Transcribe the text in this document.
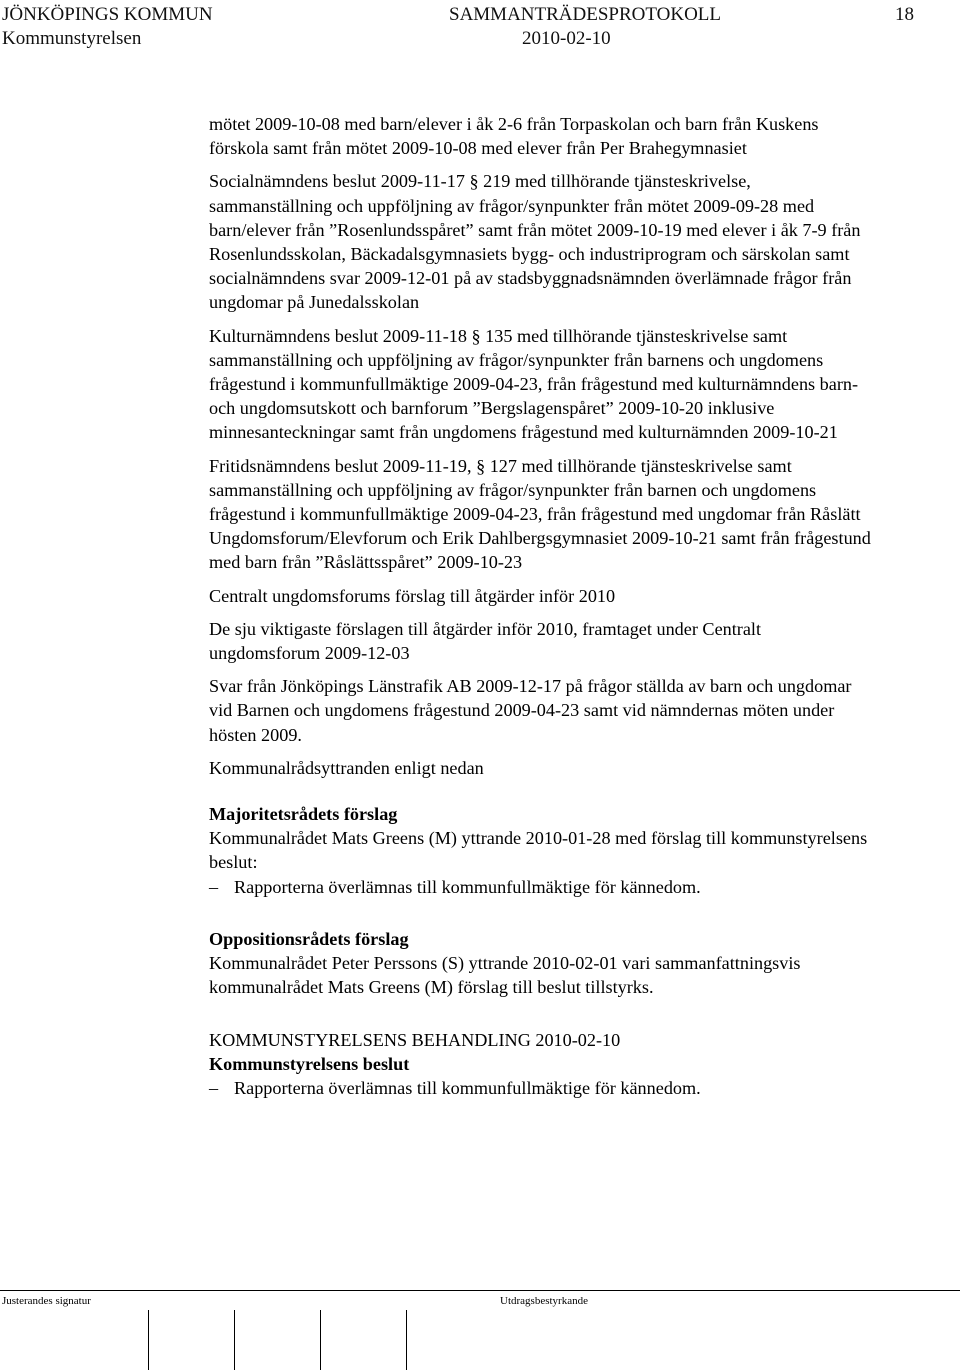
JÖNKÖPINGS KOMMUN	SAMMANTRÄDESPROTOKOLL	18
Kommunstyrelsen	2010-02-10

mötet 2009-10-08 med barn/elever i åk 2-6 från Torpaskolan och barn från Kuskens förskola samt från mötet 2009-10-08 med elever från Per Brahegymnasiet

Socialnämndens beslut 2009-11-17 § 219 med tillhörande tjänsteskrivelse, sammanställning och uppföljning av frågor/synpunkter från mötet 2009-09-28 med barn/elever från ”Rosenlundsspåret” samt från mötet 2009-10-19 med elever i åk 7-9 från Rosenlundsskolan, Bäckadalsgymnasiets bygg- och industriprogram och särskolan samt socialnämndens svar 2009-12-01 på av stadsbyggnadsnämnden överlämnade frågor från ungdomar på Junedalsskolan

Kulturnämndens beslut 2009-11-18 § 135 med tillhörande tjänsteskrivelse samt sammanställning och uppföljning av frågor/synpunkter från barnens och ungdomens frågestund i kommunfullmäktige 2009-04-23, från frågestund med kulturnämndens barn- och ungdomsutskott och barnforum ”Bergslagenspåret” 2009-10-20 inklusive minnesanteckningar samt från ungdomens frågestund med kulturnämnden 2009-10-21

Fritidsnämndens beslut 2009-11-19, § 127 med tillhörande tjänsteskrivelse samt sammanställning och uppföljning av frågor/synpunkter från barnen och ungdomens frågestund i kommunfullmäktige 2009-04-23, från frågestund med ungdomar från Råslätt Ungdomsforum/Elevforum och Erik Dahlbergsgymnasiet 2009-10-21 samt från frågestund med barn från ”Råslättsspåret” 2009-10-23

Centralt ungdomsforums förslag till åtgärder inför 2010

De sju viktigaste förslagen till åtgärder inför 2010, framtaget under Centralt ungdomsforum 2009-12-03

Svar från Jönköpings Länstrafik AB 2009-12-17 på frågor ställda av barn och ungdomar vid Barnen och ungdomens frågestund 2009-04-23 samt vid nämndernas möten under hösten 2009.

Kommunalrådsyttranden enligt nedan

Majoritetsrådets förslag

Kommunalrådet Mats Greens (M) yttrande 2010-01-28 med förslag till kommunstyrelsens beslut:

– Rapporterna överlämnas till kommunfullmäktige för kännedom.

Oppositionsrådets förslag

Kommunalrådet Peter Perssons (S) yttrande 2010-02-01 vari sammanfattningsvis kommunalrådet Mats Greens (M) förslag till beslut tillstyrks.

KOMMUNSTYRELSENS BEHANDLING 2010-02-10

Kommunstyrelsens beslut

– Rapporterna överlämnas till kommunfullmäktige för kännedom.

Justerandes signatur	Utdragsbestyrkande
